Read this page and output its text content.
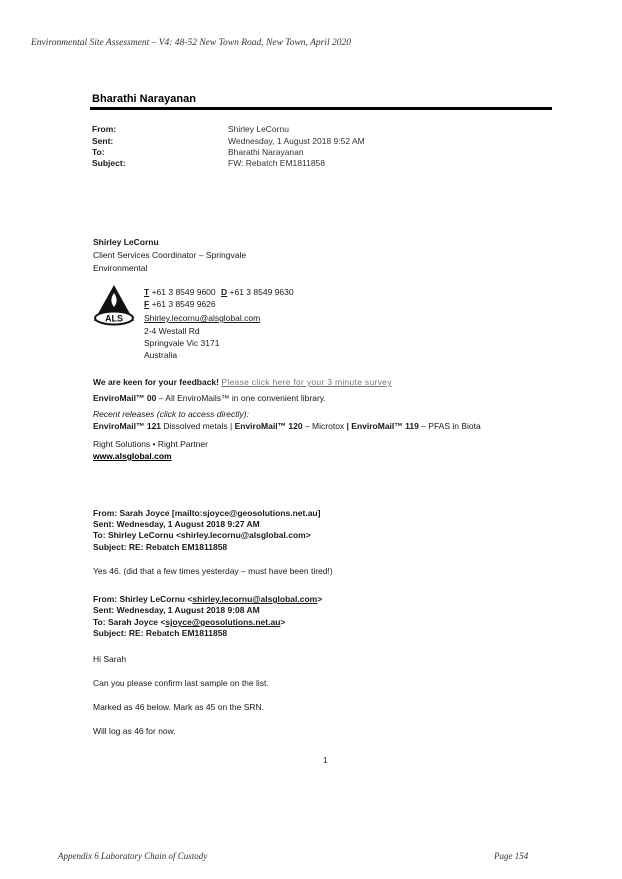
Environmental Site Assessment – V4: 48-52 New Town Road, New Town, April 2020
Bharathi Narayanan
From:	Shirley LeCornu
Sent:	Wednesday, 1 August 2018 9:52 AM
To:	Bharathi Narayanan
Subject:	FW: Rebatch EM1811858
Shirley LeCornu
Client Services Coordinator – Springvale
Environmental
ALS
T +61 3 8549 9600 D +61 3 8549 9630
F +61 3 8549 9626
Shirley.lecornu@alsglobal.com
2-4 Westall Rd
Springvale Vic 3171
Australia
We are keen for your feedback! Please click here for your 3 minute survey
EnviroMail™ 00 – All EnviroMails™ in one convenient library.
Recent releases (click to access directly):
EnviroMail™ 121 Dissolved metals | EnviroMail™ 120 – Microtox | EnviroMail™ 119 – PFAS in Biota
Right Solutions • Right Partner
www.alsglobal.com
From: Sarah Joyce [mailto:sjoyce@geosolutions.net.au]
Sent: Wednesday, 1 August 2018 9:27 AM
To: Shirley LeCornu <shirley.lecornu@alsglobal.com>
Subject: RE: Rebatch EM1811858
Yes 46. (did that a few times yesterday – must have been tired!)
From: Shirley LeCornu <shirley.lecornu@alsglobal.com>
Sent: Wednesday, 1 August 2018 9:08 AM
To: Sarah Joyce <sjoyce@geosolutions.net.au>
Subject: RE: Rebatch EM1811858
Hi Sarah
Can you please confirm last sample on the list.
Marked as 46 below. Mark as 45 on the SRN.
Will log as 46 for now.
1
Appendix 6 Laboratory Chain of Custody	Page 154
